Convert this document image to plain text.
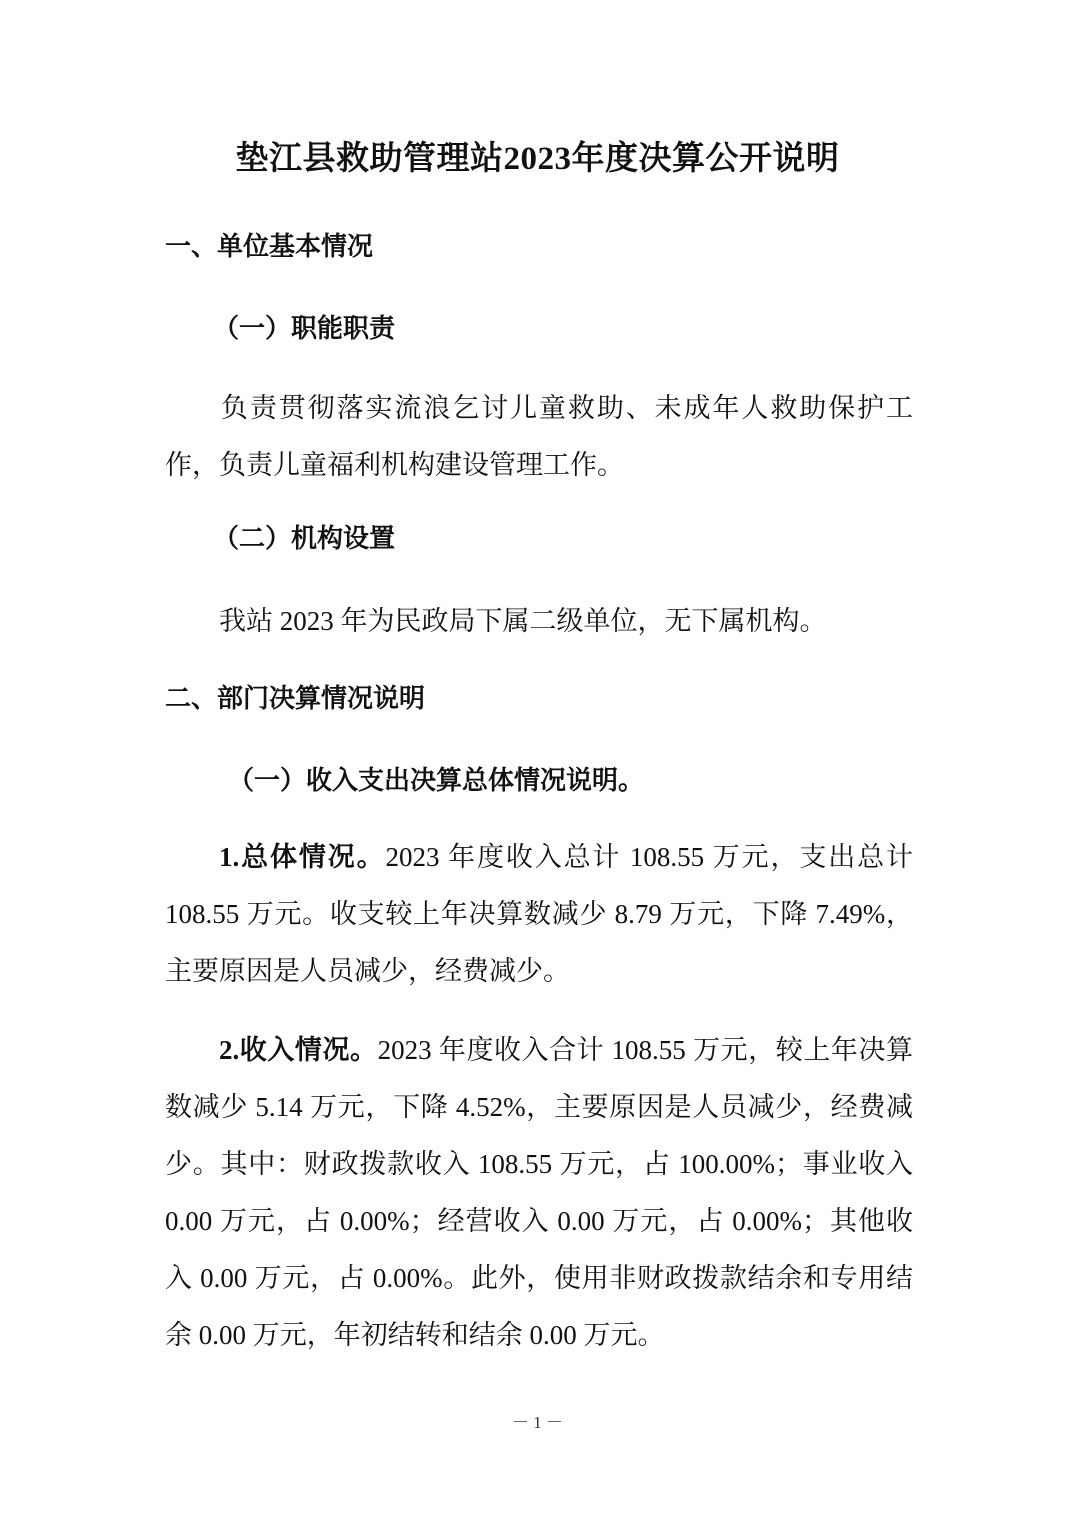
垫江县救助管理站2023年度决算公开说明
一、单位基本情况
（一）职能职责
负责贯彻落实流浪乞讨儿童救助、未成年人救助保护工作，负责儿童福利机构建设管理工作。
（二）机构设置
我站 2023 年为民政局下属二级单位，无下属机构。
二、部门决算情况说明
（一）收入支出决算总体情况说明。
1.总体情况。2023 年度收入总计 108.55 万元，支出总计 108.55 万元。收支较上年决算数减少 8.79 万元，下降 7.49%，主要原因是人员减少，经费减少。
2.收入情况。2023 年度收入合计 108.55 万元，较上年决算数减少 5.14 万元，下降 4.52%，主要原因是人员减少，经费减少。其中：财政拨款收入 108.55 万元，占 100.00%；事业收入 0.00 万元，占 0.00%；经营收入 0.00 万元，占 0.00%；其他收入 0.00 万元，占 0.00%。此外，使用非财政拨款结余和专用结余 0.00 万元，年初结转和结余 0.00 万元。
－ 1 －
